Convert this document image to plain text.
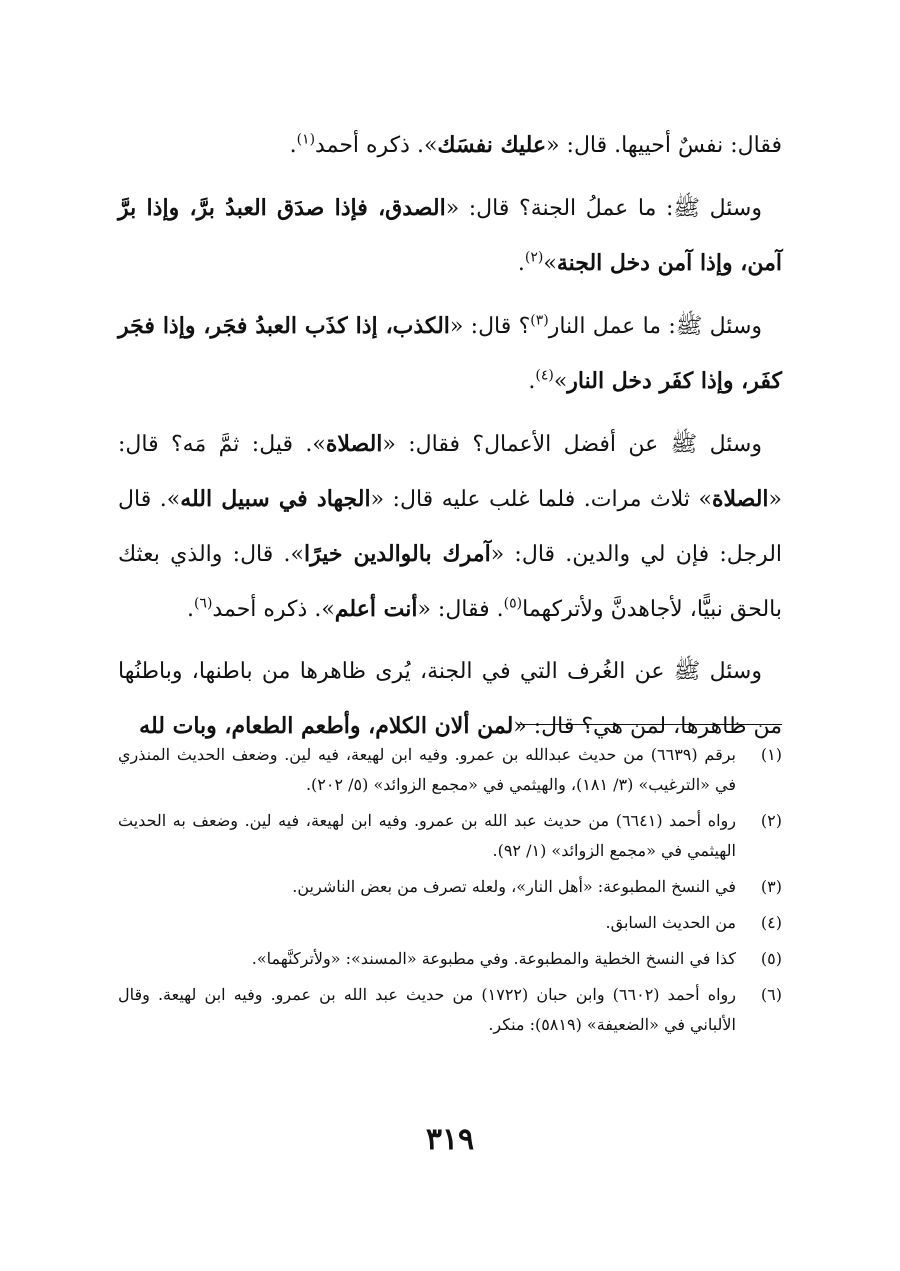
فقال: نفسٌ أحييها. قال: «عليك نفسَك». ذكره أحمد$^{(١)}$.

وسئل ﷺ: ما عملُ الجنة؟ قال: «الصدق، فإذا صدَق العبدُ برَّ، وإذا برَّ آمن، وإذا آمن دخل الجنة»$^{(٢)}$.

وسئل ﷺ: ما عمل النار$^{(٣)}$؟ قال: «الكذب، إذا كذَب العبدُ فجَر، وإذا فجَر كفَر، وإذا كفَر دخل النار»$^{(٤)}$.

وسئل ﷺ عن أفضل الأعمال؟ فقال: «الصلاة». قيل: ثمَّ مَه؟ قال: «الصلاة» ثلاث مرات. فلما غلب عليه قال: «الجهاد في سبيل الله». قال الرجل: فإن لي والدين. قال: «آمرك بالوالدين خيرًا». قال: والذي بعثك بالحق نبيًّا، لأجاهدنَّ ولأتركهما$^{(٥)}$. فقال: «أنت أعلم». ذكره أحمد$^{(٦)}$.

وسئل ﷺ عن الغُرف التي في الجنة، يُرى ظاهرها من باطنها، وباطنُها من ظاهرها، لمن هي؟ قال: «لمن ألان الكلام، وأطعم الطعام، وبات لله

(١)
برقم (٦٦٣٩) من حديث عبدالله بن عمرو. وفيه ابن لهيعة، فيه لين. وضعف الحديث المنذري في «الترغيب» (٣/ ١٨١)، والهيثمي في «مجمع الزوائد» (٥/ ٢٠٢).
(٢)
رواه أحمد (٦٦٤١) من حديث عبد الله بن عمرو. وفيه ابن لهيعة، فيه لين. وضعف به الحديث الهيثمي في «مجمع الزوائد» (١/ ٩٢).
(٣)
في النسخ المطبوعة: «أهل النار»، ولعله تصرف من بعض الناشرين.
(٤)
من الحديث السابق.
(٥)
كذا في النسخ الخطية والمطبوعة. وفي مطبوعة «المسند»: «ولأتركنَّهما».
(٦)
رواه أحمد (٦٦٠٢) وابن حبان (١٧٢٢) من حديث عبد الله بن عمرو. وفيه ابن لهيعة. وقال الألباني في «الضعيفة» (٥٨١٩): منكر.
٣١٩
